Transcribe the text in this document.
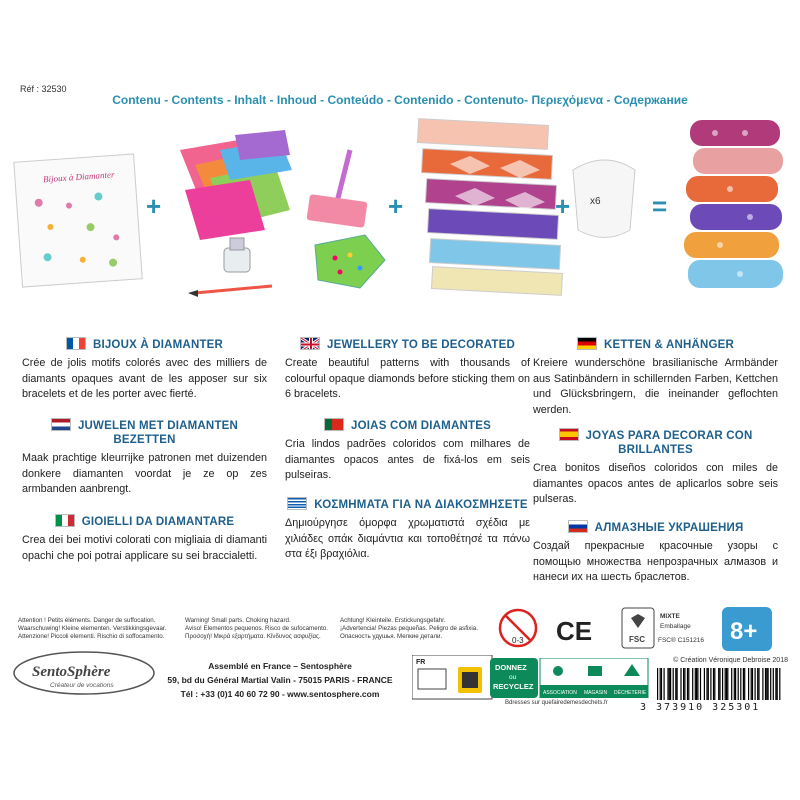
Réf : 32530
Contenu - Contents - Inhalt - Inhoud - Conteúdo - Contenido - Contenuto- Περιεχόμενα - Содержание
Bijoux à Diamanter
+	+	+ x6 =
BIJOUX À DIAMANTER

Crée de jolis motifs colorés avec des milliers de diamants opaques avant de les apposer sur six bracelets et de les porter avec fierté.

JUWELEN MET DIAMANTEN BEZETTEN

Maak prachtige kleurrijke patronen met duizenden donkere diamanten voordat je ze op zes armbanden aanbrengt.

GIOIELLI DA DIAMANTARE

Crea dei bei motivi colorati con migliaia di diamanti opachi che poi potrai applicare su sei braccialetti.

JEWELLERY TO BE DECORATED

Create beautiful patterns with thousands of colourful opaque diamonds before sticking them on 6 bracelets.

JOIAS COM DIAMANTES

Cria lindos padrões coloridos com milhares de diamantes opacos antes de fixá-los em seis pulseiras.

ΚΟΣΜΗΜΑΤΑ ΓΙΑ ΝΑ ΔΙΑΚΟΣΜΗΣΕΤΕ

Δημιούργησε όμορφα χρωματιστά σχέδια με χιλιάδες οπάκ διαμάντια και τοποθέτησέ τα πάνω στα έξι βραχιόλια.

KETTEN & ANHÄNGER

Kreiere wunderschöne brasilianische Armbänder aus Satinbändern in schillernden Farben, Kettchen und Glücksbringern, die ineinander geflochten werden.

JOYAS PARA DECORAR CON BRILLANTES

Crea bonitos diseños coloridos con miles de diamantes opacos antes de aplicarlos sobre seis pulseras.

АЛМАЗНЫЕ УКРАШЕНИЯ

Создай прекрасные красочные узоры с помощью множества непрозрачных алмазов и нанеси их на шесть браслетов.

Attention ! Petits éléments. Danger de suffocation.
Waarschuwing! Kleine elementen. Verstikkingsgevaar.
Attenzione! Piccoli elementi. Rischio di soffocamento.
Warning! Small parts. Choking hazard.
Aviso! Elementos pequenos. Risco de sufocamento.
Προσοχή! Μικρά εξαρτήματα. Κίνδυνος ασφυξίας.
Achtung! Kleinteile. Erstickungsgefahr.
¡Advertencia! Piezas pequeñas. Peligro de asfixia.
Опасность удушья. Мелкие детали.	0-3 CE	FSC
MIXTE
Emballage
FSC® C151216 8+
SentoSphère
Créateur de vocations
Assemblé en France – Sentosphère
59, bd du Général Martial Valin - 75015 PARIS - FRANCE
Tél : +33 (0)1 40 60 72 90 - www.sentosphere.com
FR
DONNEZ
ou
RECYCLEZ
ASSOCIATION MAGASIN DÉCHETERIE
Bdresses sur quefairedemesdechets.fr
© Création Véronique Debroise 2018
3 373910 325301
